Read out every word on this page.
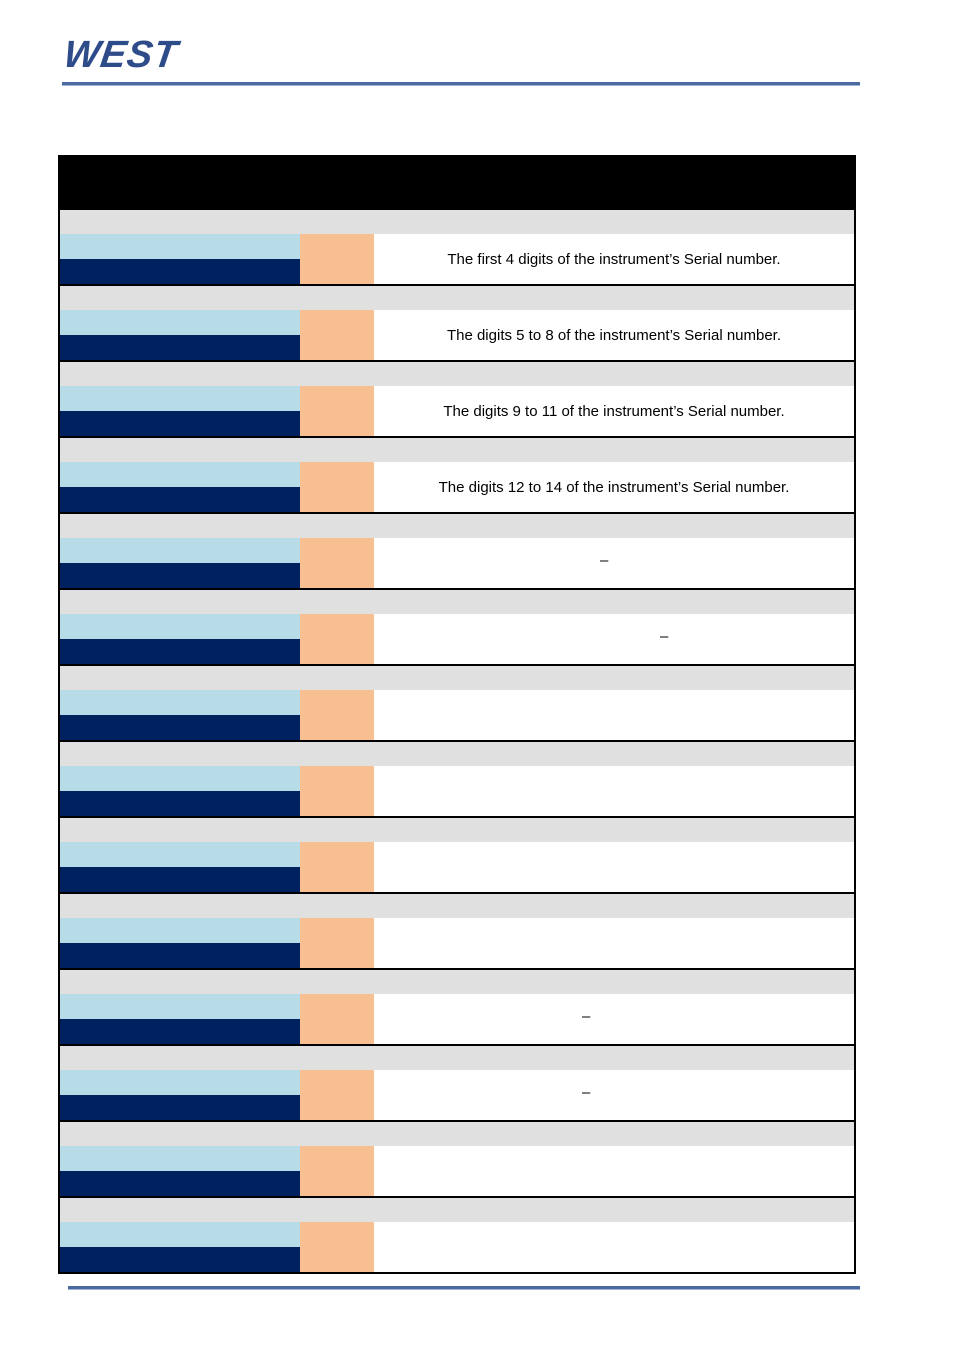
WEST
The first 4 digits of the instrument’s Serial number.
The digits 5 to 8 of the instrument’s Serial number.
The digits 9 to 11 of the instrument’s Serial number.
The digits 12 to 14 of the instrument’s Serial number.
–
–
–
–
